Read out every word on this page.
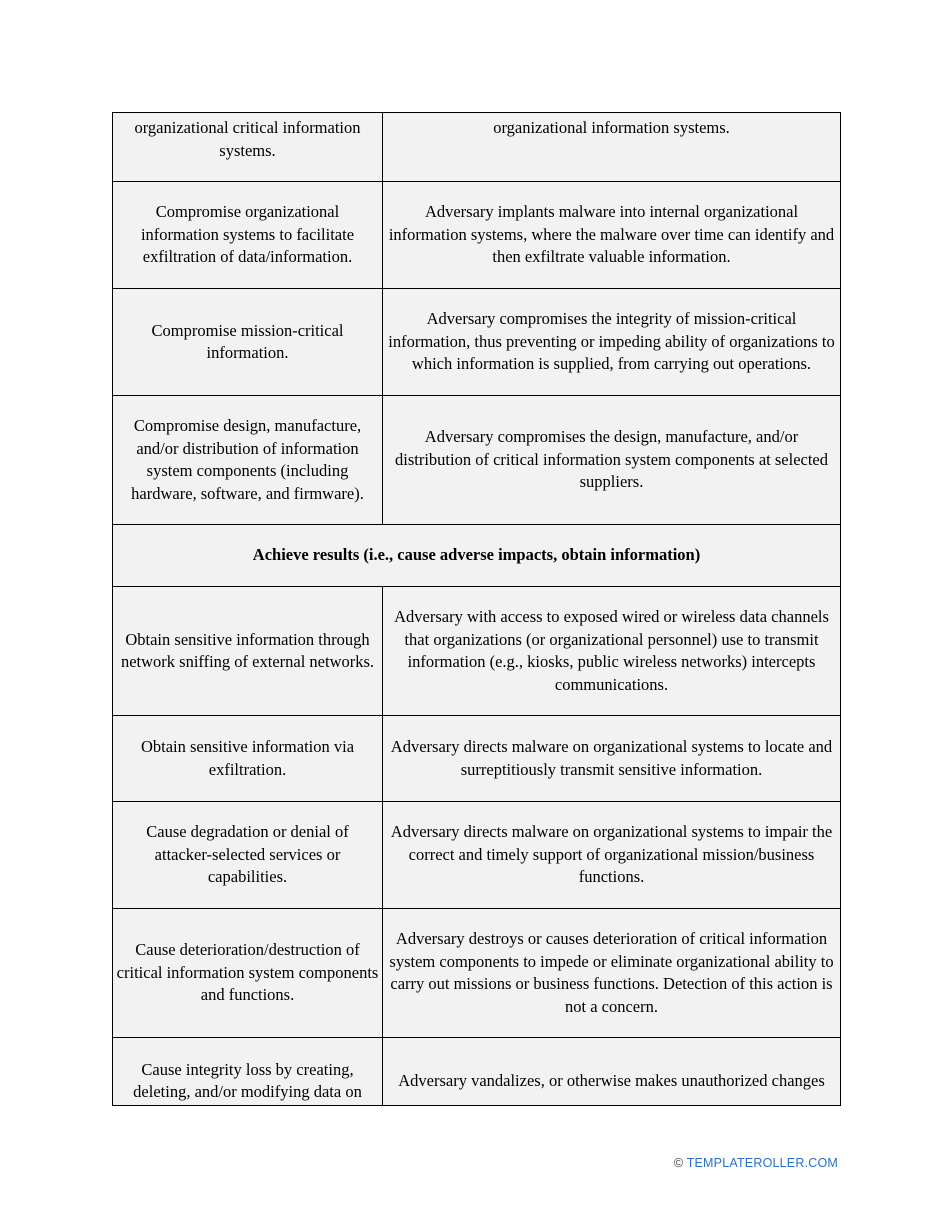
organizational critical information systems.	organizational information systems.
Compromise organizational information systems to facilitate exfiltration of data/information.	Adversary implants malware into internal organizational information systems, where the malware over time can identify and then exfiltrate valuable information.
Compromise mission-critical information.	Adversary compromises the integrity of mission-critical information, thus preventing or impeding ability of organizations to which information is supplied, from carrying out operations.
Compromise design, manufacture, and/or distribution of information system components (including hardware, software, and firmware).	Adversary compromises the design, manufacture, and/or distribution of critical information system components at selected suppliers.
Achieve results (i.e., cause adverse impacts, obtain information)	
Obtain sensitive information through network sniffing of external networks.	Adversary with access to exposed wired or wireless data channels that organizations (or organizational personnel) use to transmit information (e.g., kiosks, public wireless networks) intercepts communications.
Obtain sensitive information via exfiltration.	Adversary directs malware on organizational systems to locate and surreptitiously transmit sensitive information.
Cause degradation or denial of attacker-selected services or capabilities.	Adversary directs malware on organizational systems to impair the correct and timely support of organizational mission/business functions.
Cause deterioration/destruction of critical information system components and functions.	Adversary destroys or causes deterioration of critical information system components to impede or eliminate organizational ability to carry out missions or business functions. Detection of this action is not a concern.

Cause integrity loss by creating, deleting, and/or modifying data on	Adversary vandalizes, or otherwise makes unauthorized changes
© TEMPLATEROLLER.COM
